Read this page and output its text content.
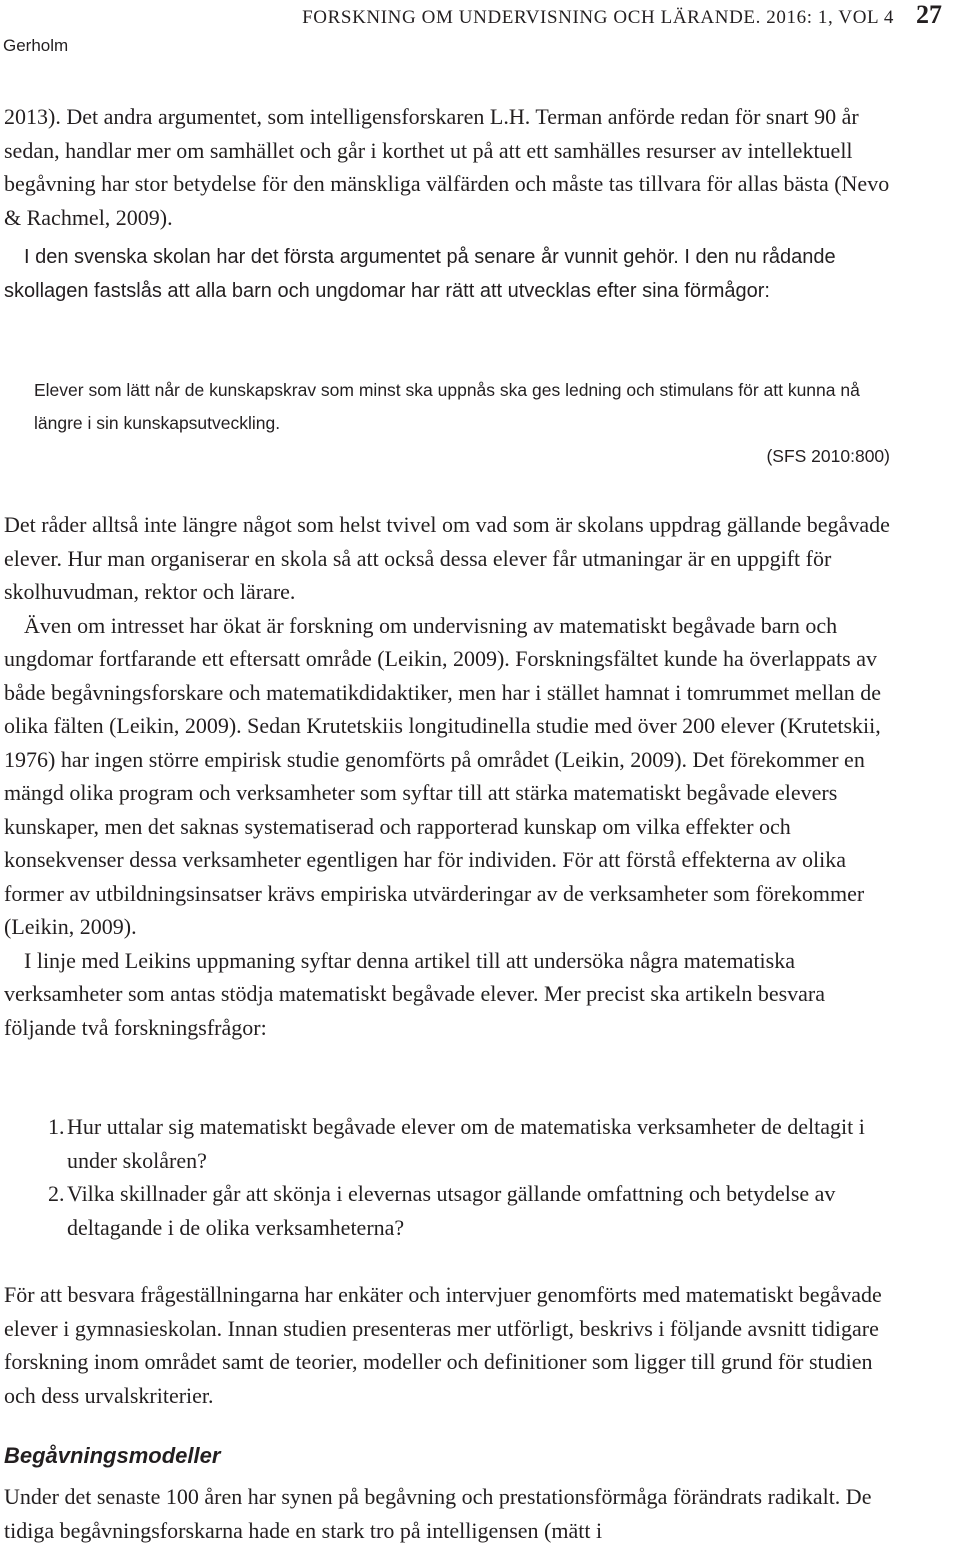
Gerholm
FORSKNING OM UNDERVISNING OCH LÄRANDE. 2016: 1, VOL 4 27

2013). Det andra argumentet, som intelligensforskaren L.H. Terman anförde redan för snart 90 år sedan, handlar mer om samhället och går i korthet ut på att ett samhälles resurser av intellektuell begåvning har stor betydelse för den mänskliga välfärden och måste tas tillvara för allas bästa (Nevo & Rachmel, 2009).

I den svenska skolan har det första argumentet på senare år vunnit gehör. I den nu rådande skollagen fastslås att alla barn och ungdomar har rätt att utvecklas efter sina förmågor:

Elever som lätt når de kunskapskrav som minst ska uppnås ska ges ledning och stimulans för att kunna nå längre i sin kunskapsutveckling.

(SFS 2010:800)

Det råder alltså inte längre något som helst tvivel om vad som är skolans uppdrag gällande begåvade elever. Hur man organiserar en skola så att också dessa elever får utmaningar är en uppgift för skolhuvudman, rektor och lärare.

Även om intresset har ökat är forskning om undervisning av matematiskt begåvade barn och ungdomar fortfarande ett eftersatt område (Leikin, 2009). Forskningsfältet kunde ha överlappats av både begåvningsforskare och matematikdidaktiker, men har i stället hamnat i tomrummet mellan de olika fälten (Leikin, 2009). Sedan Krutetskiis longitudinella studie med över 200 elever (Krutetskii, 1976) har ingen större empirisk studie genomförts på området (Leikin, 2009). Det förekommer en mängd olika program och verksamheter som syftar till att stärka matematiskt begåvade elevers kunskaper, men det saknas systematiserad och rapporterad kunskap om vilka effekter och konsekvenser dessa verksamheter egentligen har för individen. För att förstå effekterna av olika former av utbildningsinsatser krävs empiriska utvärderingar av de verksamheter som förekommer (Leikin, 2009).

I linje med Leikins uppmaning syftar denna artikel till att undersöka några matematiska verksamheter som antas stödja matematiskt begåvade elever. Mer precist ska artikeln besvara följande två forskningsfrågor:

1. Hur uttalar sig matematiskt begåvade elever om de matematiska verksamheter de deltagit i under skolåren?
2. Vilka skillnader går att skönja i elevernas utsagor gällande omfattning och betydelse av deltagande i de olika verksamheterna?

För att besvara frågeställningarna har enkäter och intervjuer genomförts med matematiskt begåvade elever i gymnasieskolan. Innan studien presenteras mer utförligt, beskrivs i följande avsnitt tidigare forskning inom området samt de teorier, modeller och definitioner som ligger till grund för studien och dess urvalskriterier.

Begåvningsmodeller

Under det senaste 100 åren har synen på begåvning och prestationsförmåga förändrats radikalt. De tidiga begåvningsforskarna hade en stark tro på intelligensen (mätt i
